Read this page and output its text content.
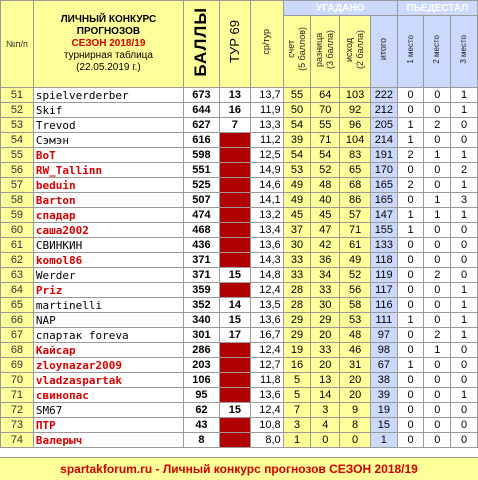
№п/п	ЛИЧНЫЙ КОНКУРС
ПРОГНОЗОВ
СЕЗОН 2018/19
турнирная таблица
(22.05.2019 г.)	БАЛЛЫ	ТУР 69	ср/тур	УГАДАНО				ПЬЕДЕСТАЛ		
					счет
(5 баллов)	разница
(3 балла)	исход
(2 балла)	итого	1 место	2 место	3 место
51	spielverderber	673	13	13,7	55	64	103	222	0	0	1
52	Skif	644	16	11,9	50	70	92	212	0	0	1
53	Trevod	627	7	13,3	54	55	96	205	1	2	0
54	Сэмэн	616		11,2	39	71	104	214	1	0	0
55	BoT	598		12,5	54	54	83	191	2	1	1
56	RW_Tallinn	551		14,9	53	52	65	170	0	0	2
57	beduin	525		14,6	49	48	68	165	2	0	1
58	Barton	507		14,1	49	40	86	165	0	1	3
59	спадар	474		13,2	45	45	57	147	1	1	1
60	саша2002	468		13,4	37	47	71	155	1	0	0
61	СВИНКИН	436		13,6	30	42	61	133	0	0	0
62	komol86	371		14,3	33	36	49	118	0	0	0
63	Werder	371	15	14,8	33	34	52	119	0	2	0
64	Priz	359		12,4	28	33	56	117	0	0	1
65	martinelli	352	14	13,5	28	30	58	116	0	0	1
66	NAP	340	15	13,6	29	29	53	111	1	0	1
67	спартак foreva	301	17	16,7	29	20	48	97	0	2	1
68	Кайсар	286		12,4	19	33	46	98	0	1	0
69	zloynazar2009	203		12,7	16	20	31	67	1	0	0
70	vladzaspartak	106		11,8	5	13	20	38	0	0	0
71	свинопас	95		13,6	5	14	20	39	0	0	1
72	SM67	62	15	12,4	7	3	9	19	0	0	0
73	ПТР	43		10,8	3	4	8	15	0	0	0
74	Валерыч	8		8,0	1	0	0	1	0	0	0
spartakforum.ru - Личный конкурс прогнозов СЕЗОН 2018/19
